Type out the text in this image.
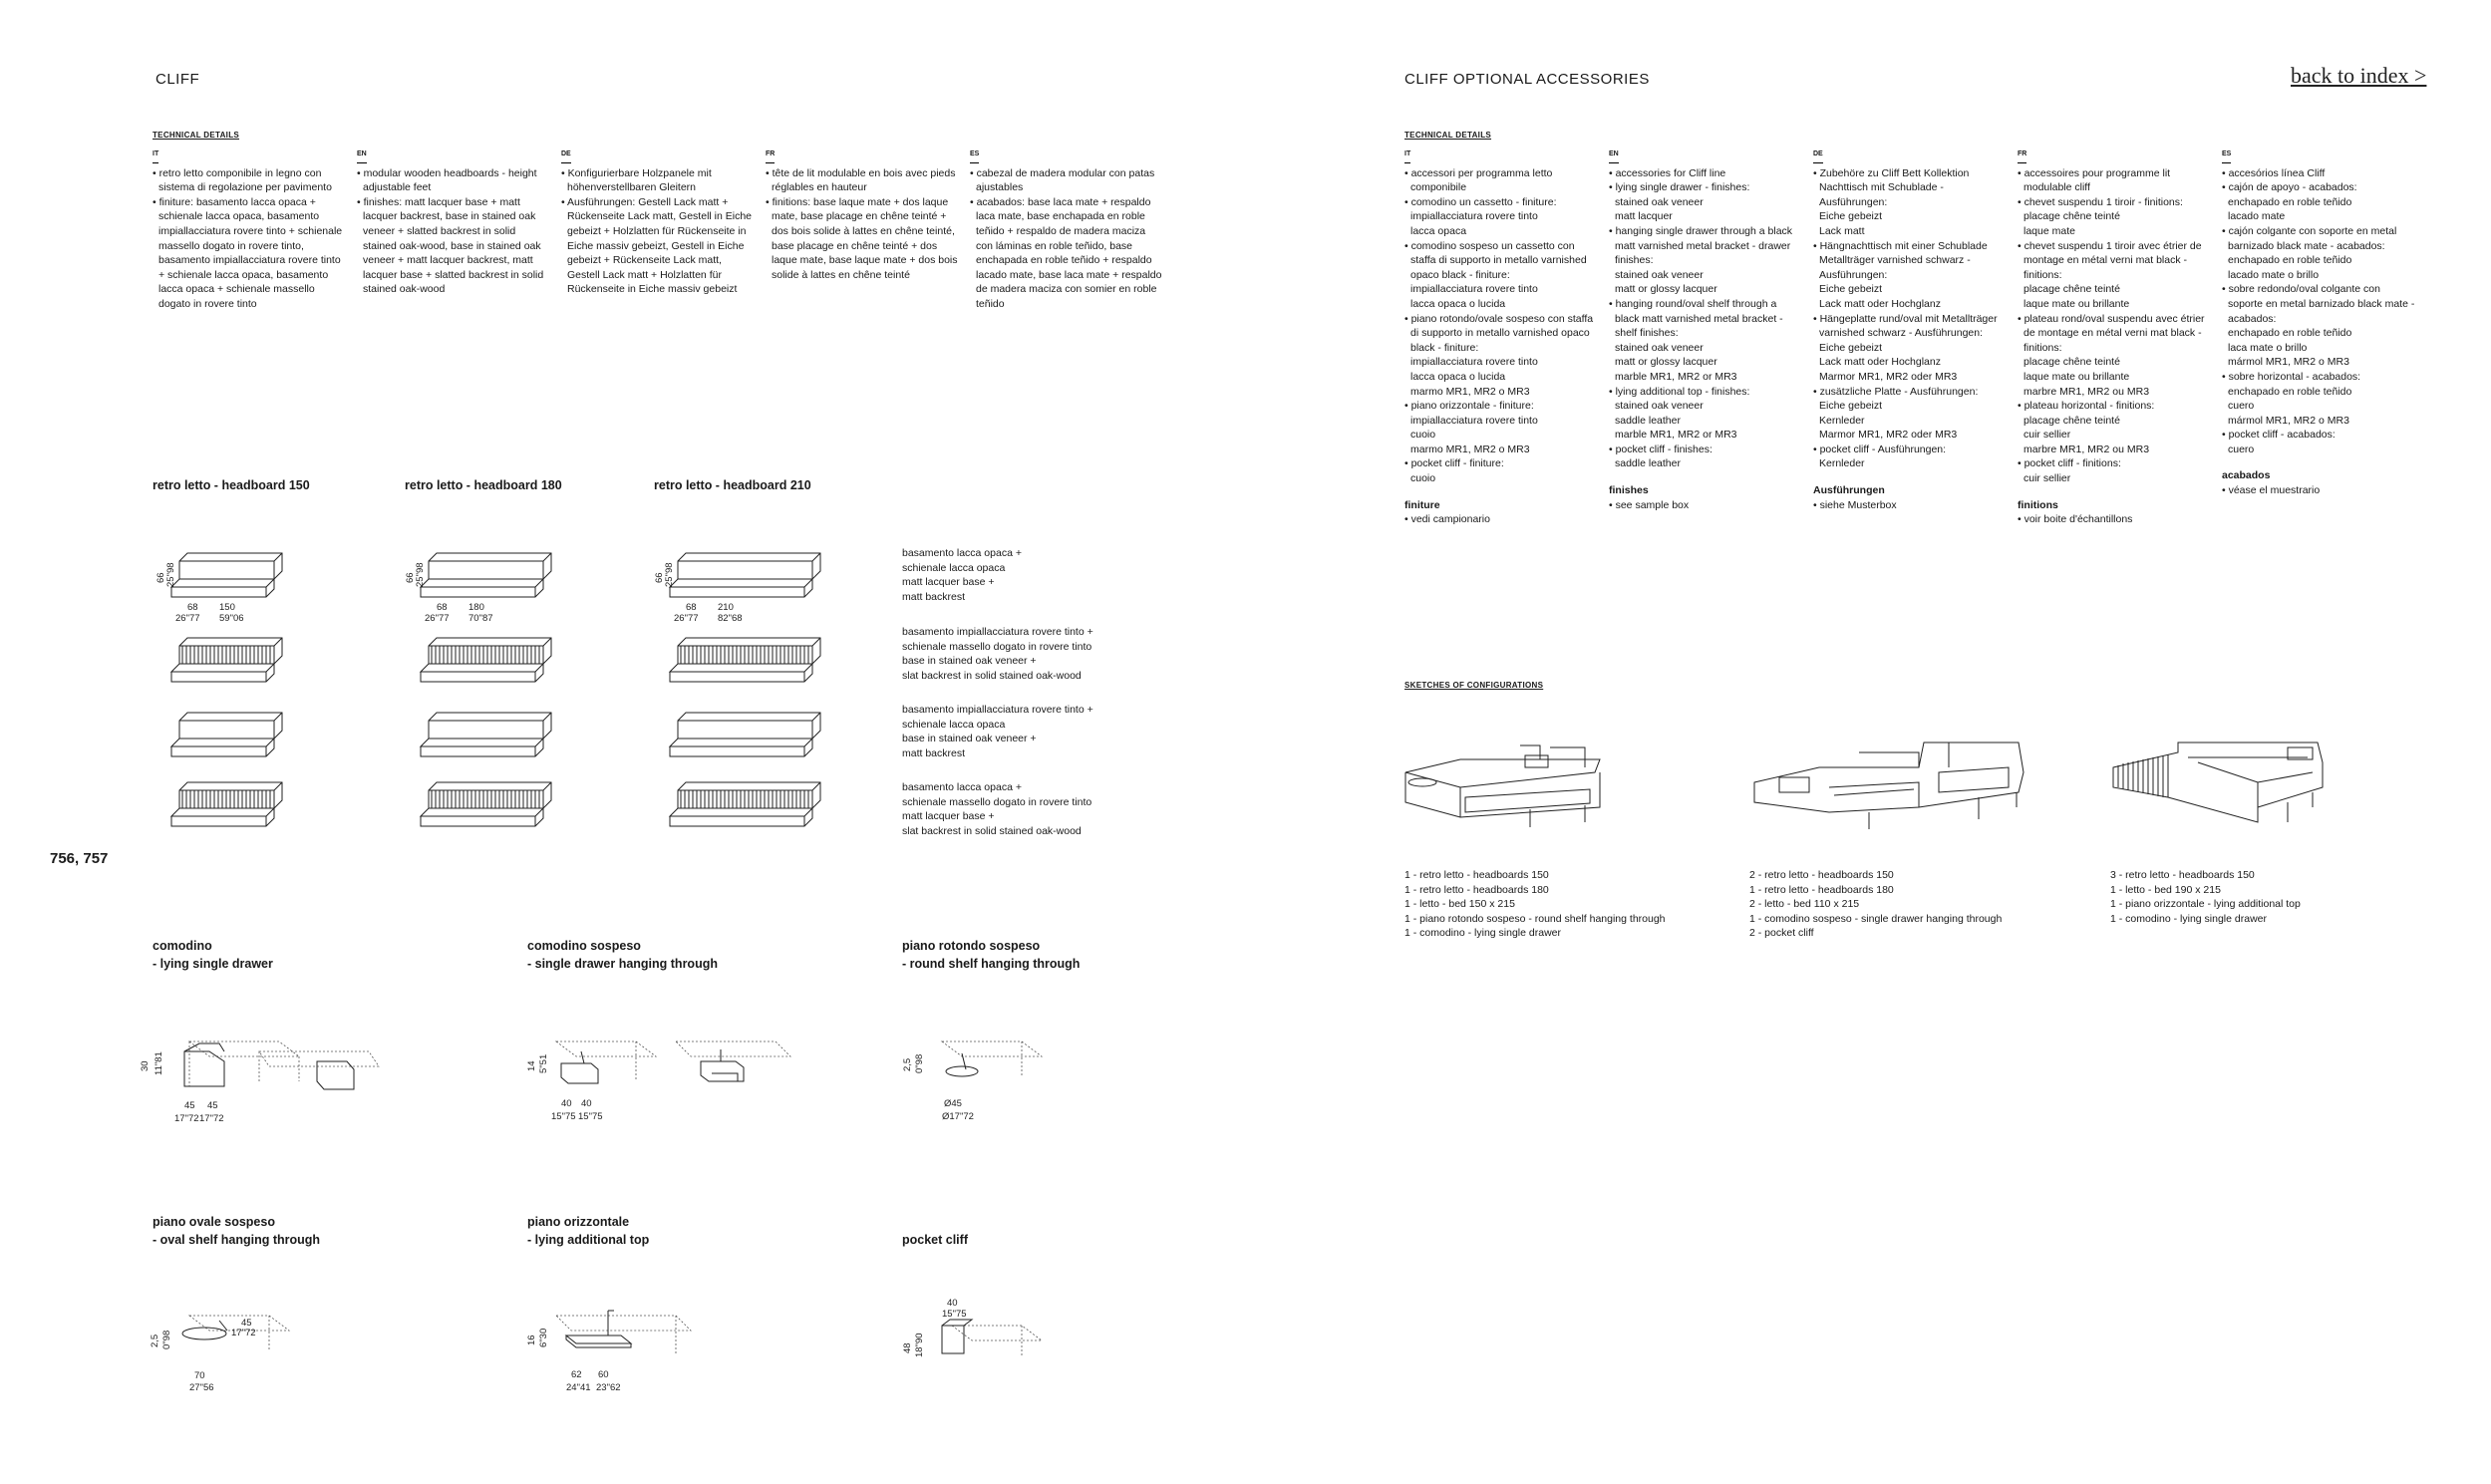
CLIFF
TECHNICAL DETAILS
IT
• retro letto componibile in legno con sistema di regolazione per pavimento
• finiture: basamento lacca opaca + schienale lacca opaca, basamento impiallacciatura rovere tinto + schienale massello dogato in rovere tinto, basamento impiallacciatura rovere tinto + schienale lacca opaca, basamento lacca opaca + schienale massello dogato in rovere tinto
EN
• modular wooden headboards - height adjustable feet
• finishes: matt lacquer base + matt lacquer backrest, base in stained oak veneer + slatted backrest in solid stained oak-wood, base in stained oak veneer + matt lacquer backrest, matt lacquer base + slatted backrest in solid stained oak-wood
DE
• Konfigurierbare Holzpanele mit höhenverstellbaren Gleitern
• Ausführungen: Gestell Lack matt + Rückenseite Lack matt, Gestell in Eiche gebeizt + Holzlatten für Rückenseite in Eiche massiv gebeizt, Gestell in Eiche gebeizt + Rückenseite Lack matt, Gestell Lack matt + Holzlatten für Rückenseite in Eiche massiv gebeizt
FR
• tête de lit modulable en bois avec pieds réglables en hauteur
• finitions: base laque mate + dos laque mate, base placage en chêne teinté + dos bois solide à lattes en chêne teinté, base placage en chêne teinté + dos laque mate, base laque mate + dos bois solide à lattes en chêne teinté
ES
• cabezal de madera modular con patas ajustables
• acabados: base laca mate + respaldo laca mate, base enchapada en roble teñido + respaldo de madera maciza con láminas en roble teñido, base enchapada en roble teñido + respaldo lacado mate, base laca mate + respaldo de madera maciza con somier en roble teñido
retro letto - headboard 150	retro letto - headboard 180	retro letto - headboard 210
66 25"98
68
26"77
150
59"06
66 25"98
68
26"77
180
70"87
66 25"98
68
26"77
210
82"68
basamento lacca opaca +
schienale lacca opaca
matt lacquer base +
matt backrest
basamento impiallacciatura rovere tinto +
schienale massello dogato in rovere tinto
base in stained oak veneer +
slat backrest in solid stained oak-wood
basamento impiallacciatura rovere tinto +
schienale lacca opaca
base in stained oak veneer +
matt backrest
basamento lacca opaca +
schienale massello dogato in rovere tinto
matt lacquer base +
slat backrest in solid stained oak-wood
756, 757
comodino
- lying single drawer
comodino sospeso
- single drawer hanging through
piano rotondo sospeso
- round shelf hanging through
piano ovale sospeso
- oval shelf hanging through
piano orizzontale
- lying additional top	pocket cliff
30 11"81
45 45
17"72 17"72
14 5"51
40 40
15"75 15"75
2,5 0"98
Ø45
Ø17"72
2,5 0"98
70
27"56
45
17"72
16 6"30
62 60
24"41 23"62
48 18"90
40
15"75
CLIFF OPTIONAL ACCESSORIES	back to index >
TECHNICAL DETAILS
IT
• accessori per programma letto componibile
• comodino un cassetto - finiture:
impiallacciatura rovere tinto
lacca opaca
• comodino sospeso un cassetto con staffa di supporto in metallo varnished opaco black - finiture:
impiallacciatura rovere tinto
lacca opaca o lucida
• piano rotondo/ovale sospeso con staffa di supporto in metallo varnished opaco black - finiture:
impiallacciatura rovere tinto
lacca opaca o lucida
marmo MR1, MR2 o MR3
• piano orizzontale - finiture:
impiallacciatura rovere tinto
cuoio
marmo MR1, MR2 o MR3
• pocket cliff - finiture:
cuoio
finiture
• vedi campionario
EN
• accessories for Cliff line
• lying single drawer - finishes:
stained oak veneer
matt lacquer
• hanging single drawer through a black matt varnished metal bracket - drawer finishes:
stained oak veneer
matt or glossy lacquer
• hanging round/oval shelf through a black matt varnished metal bracket - shelf finishes:
stained oak veneer
matt or glossy lacquer
marble MR1, MR2 or MR3
• lying additional top - finishes:
stained oak veneer
saddle leather
marble MR1, MR2 or MR3
• pocket cliff - finishes:
saddle leather
finishes
• see sample box
DE
• Zubehöre zu Cliff Bett Kollektion Nachttisch mit Schublade -
Ausführungen:
Eiche gebeizt
Lack matt
• Hängnachttisch mit einer Schublade Metallträger varnished schwarz - Ausführungen:
Eiche gebeizt
Lack matt oder Hochglanz
• Hängeplatte rund/oval mit Metallträger varnished schwarz - Ausführungen:
Eiche gebeizt
Lack matt oder Hochglanz
Marmor MR1, MR2 oder MR3
• zusätzliche Platte - Ausführungen:
Eiche gebeizt
Kernleder
Marmor MR1, MR2 oder MR3
• pocket cliff - Ausführungen:
Kernleder
Ausführungen
• siehe Musterbox
FR
• accessoires pour programme lit modulable cliff
• chevet suspendu 1 tiroir - finitions:
placage chêne teinté
laque mate
• chevet suspendu 1 tiroir avec étrier de montage en métal verni mat black - finitions:
placage chêne teinté
laque mate ou brillante
• plateau rond/oval suspendu avec étrier de montage en métal verni mat black - finitions:
placage chêne teinté
laque mate ou brillante
marbre MR1, MR2 ou MR3
• plateau horizontal - finitions:
placage chêne teinté
cuir sellier
marbre MR1, MR2 ou MR3
• pocket cliff - finitions:
cuir sellier
finitions
• voir boite d'échantillons
ES
• accesórios línea Cliff
• cajón de apoyo - acabados:
enchapado en roble teñido
lacado mate
• cajón colgante con soporte en metal barnizado black mate - acabados:
enchapado en roble teñido
lacado mate o brillo
• sobre redondo/oval colgante con soporte en metal barnizado black mate - acabados:
enchapado en roble teñido
laca mate o brillo
mármol MR1, MR2 o MR3
• sobre horizontal - acabados:
enchapado en roble teñido
cuero
mármol MR1, MR2 o MR3
• pocket cliff - acabados:
cuero
acabados
• véase el muestrario
SKETCHES OF CONFIGURATIONS
1 - retro letto - headboards 150
1 - retro letto - headboards 180
1 - letto - bed 150 x 215
1 - piano rotondo sospeso - round shelf hanging through
1 - comodino - lying single drawer
2 - retro letto - headboards 150
1 - retro letto - headboards 180
2 - letto - bed 110 x 215
1 - comodino sospeso - single drawer hanging through
2 - pocket cliff
3 - retro letto - headboards 150
1 - letto - bed 190 x 215
1 - piano orizzontale - lying additional top
1 - comodino - lying single drawer
